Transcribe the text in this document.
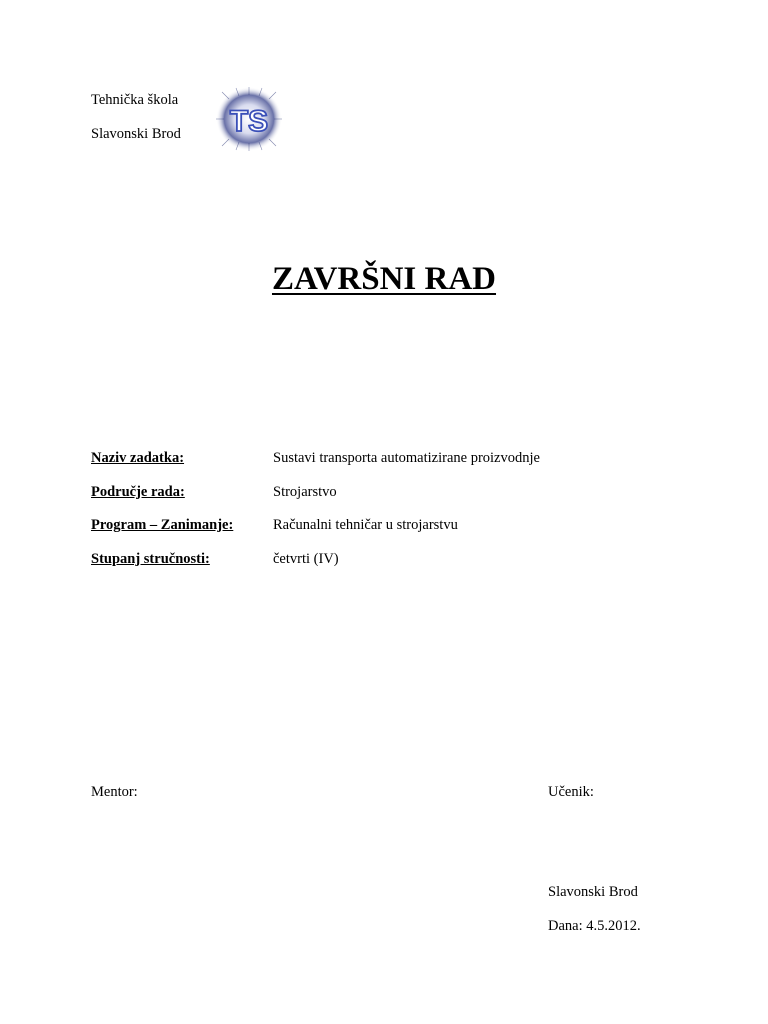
Tehnička škola
Slavonski Brod TS
ZAVRŠNI RAD
Naziv zadatka:	Sustavi transporta automatizirane proizvodnje
Područje rada:	Strojarstvo
Program – Zanimanje:	Računalni tehničar u strojarstvu
Stupanj stručnosti:	četvrti (IV)
Mentor:	Učenik:
Slavonski Brod
Dana: 4.5.2012.
